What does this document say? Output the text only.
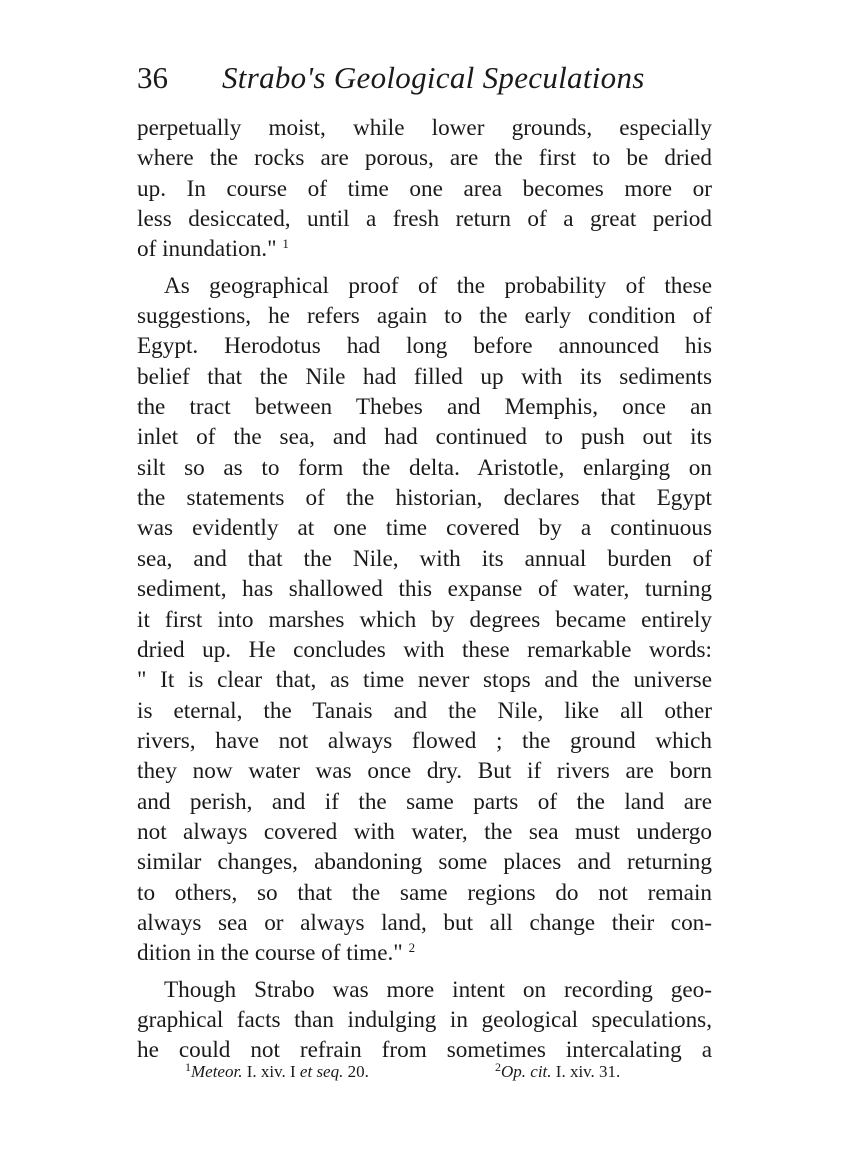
36 Strabo's Geological Speculations
perpetually moist, while lower grounds, especially
where the rocks are porous, are the first to be dried
up. In course of time one area becomes more or
less desiccated, until a fresh return of a great period
of inundation." $^1$
As geographical proof of the probability of these
suggestions, he refers again to the early condition of
Egypt. Herodotus had long before announced his
belief that the Nile had filled up with its sediments
the tract between Thebes and Memphis, once an
inlet of the sea, and had continued to push out its
silt so as to form the delta. Aristotle, enlarging on
the statements of the historian, declares that Egypt
was evidently at one time covered by a continuous
sea, and that the Nile, with its annual burden of
sediment, has shallowed this expanse of water, turning
it first into marshes which by degrees became entirely
dried up. He concludes with these remarkable words:
" It is clear that, as time never stops and the universe
is eternal, the Tanais and the Nile, like all other
rivers, have not always flowed ; the ground which
they now water was once dry. But if rivers are born
and perish, and if the same parts of the land are
not always covered with water, the sea must undergo
similar changes, abandoning some places and returning
to others, so that the same regions do not remain
always sea or always land, but all change their con-
dition in the course of time." $^2$
Though Strabo was more intent on recording geo-
graphical facts than indulging in geological speculations,
he could not refrain from sometimes intercalating a
$^1$Meteor. I. xiv. I et seq. 20.	$^2$Op. cit. I. xiv. 31.
